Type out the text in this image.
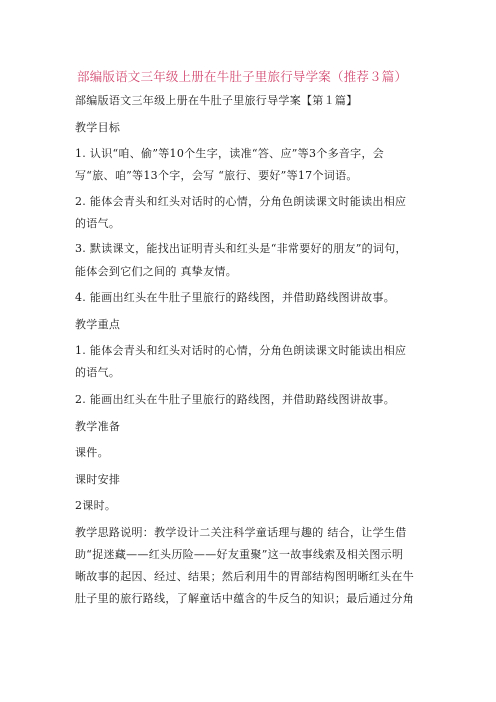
部编版语文三年级上册在牛肚子里旅行导学案（推荐３篇）
部编版语文三年级上册在牛肚子里旅行导学案【第１篇】
教学目标
1. 认识“咱、偷”等10个生字，读准“答、应”等3个多音字，会
写“旅、咱”等13个字，会写 “旅行、要好”等17个词语。
2. 能体会青头和红头对话时的心情，分角色朗读课文时能读出相应
的语气。
3. 默读课文，能找出证明青头和红头是“非常要好的朋友”的词句，
能体会到它们之间的 真挚友情。
4. 能画出红头在牛肚子里旅行的路线图，并借助路线图讲故事。
教学重点
1. 能体会青头和红头对话时的心情，分角色朗读课文时能读出相应
的语气。
2. 能画出红头在牛肚子里旅行的路线图，并借助路线图讲故事。
教学准备
课件。
课时安排
2课时。
教学思路说明：教学设计二关注科学童话理与趣的 结合，让学生借
助“捉迷藏——红头历险——好友重聚”这一故事线索及相关图示明
晰故事的起因、经过、结果；然后利用牛的胃部结构图明晰红头在牛
肚子里的旅行路线，了解童话中蕴含的牛反刍的知识；最后通过分角
